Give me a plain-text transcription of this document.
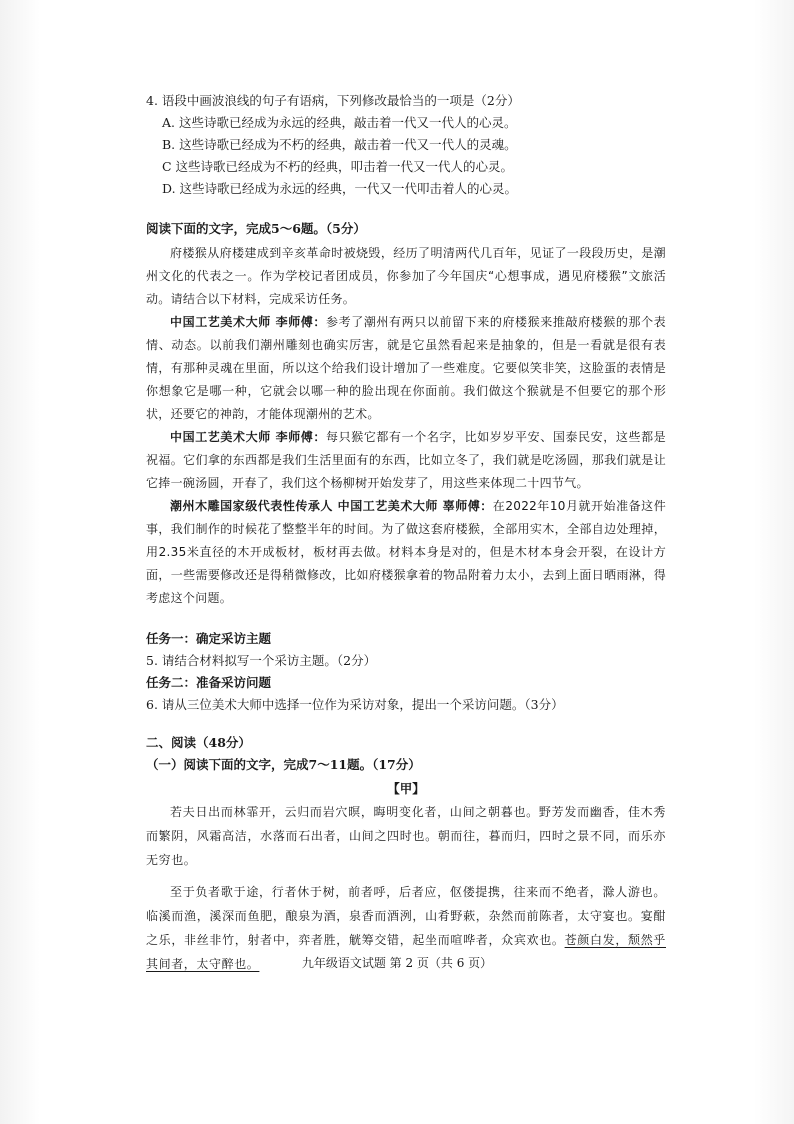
4. 语段中画波浪线的句子有语病，下列修改最恰当的一项是（2分）

A. 这些诗歌已经成为永远的经典，敲击着一代又一代人的心灵。

B. 这些诗歌已经成为不朽的经典，敲击着一代又一代人的灵魂。

C 这些诗歌已经成为不朽的经典，叩击着一代又一代人的心灵。

D. 这些诗歌已经成为永远的经典，一代又一代叩击着人的心灵。

阅读下面的文字，完成5～6题。（5分）

府楼猴从府楼建成到辛亥革命时被烧毁，经历了明清两代几百年，见证了一段段历史，是潮州文化的代表之一。作为学校记者团成员，你参加了今年国庆“心想事成，遇见府楼猴”文旅活动。请结合以下材料，完成采访任务。

中国工艺美术大师 李师傅：参考了潮州有两只以前留下来的府楼猴来推敲府楼猴的那个表情、动态。以前我们潮州雕刻也确实厉害，就是它虽然看起来是抽象的，但是一看就是很有表情，有那种灵魂在里面，所以这个给我们设计增加了一些难度。它要似笑非笑，这脸蛋的表情是你想象它是哪一种，它就会以哪一种的脸出现在你面前。我们做这个猴就是不但要它的那个形状，还要它的神韵，才能体现潮州的艺术。

中国工艺美术大师 李师傅：每只猴它都有一个名字，比如岁岁平安、国泰民安，这些都是祝福。它们拿的东西都是我们生活里面有的东西，比如立冬了，我们就是吃汤圆，那我们就是让它捧一碗汤圆，开春了，我们这个杨柳树开始发芽了，用这些来体现二十四节气。

潮州木雕国家级代表性传承人 中国工艺美术大师 辜师傅：在2022年10月就开始准备这件事，我们制作的时候花了整整半年的时间。为了做这套府楼猴，全部用实木，全部自边处理掉，用2.35米直径的木开成板材，板材再去做。材料本身是对的，但是木材本身会开裂，在设计方面，一些需要修改还是得稍微修改，比如府楼猴拿着的物品附着力太小，去到上面日晒雨淋，得考虑这个问题。

任务一：确定采访主题

5. 请结合材料拟写一个采访主题。（2分）

任务二：准备采访问题

6. 请从三位美术大师中选择一位作为采访对象，提出一个采访问题。（3分）

二、阅读（48分）

（一）阅读下面的文字，完成7～11题。（17分）

【甲】

若夫日出而林霏开，云归而岩穴暝，晦明变化者，山间之朝暮也。野芳发而幽香，佳木秀而繁阴，风霜高洁，水落而石出者，山间之四时也。朝而往，暮而归，四时之景不同，而乐亦无穷也。

至于负者歌于途，行者休于树，前者呼，后者应，伛偻提携，往来而不绝者，滁人游也。临溪而渔，溪深而鱼肥，酿泉为酒，泉香而酒洌，山肴野蔌，杂然而前陈者，太守宴也。宴酣之乐，非丝非竹，射者中，弈者胜，觥筹交错，起坐而喧哗者，众宾欢也。苍颜白发，颓然乎其间者，太守醉也。	九年级语文试题 第 2 页（共 6 页）
